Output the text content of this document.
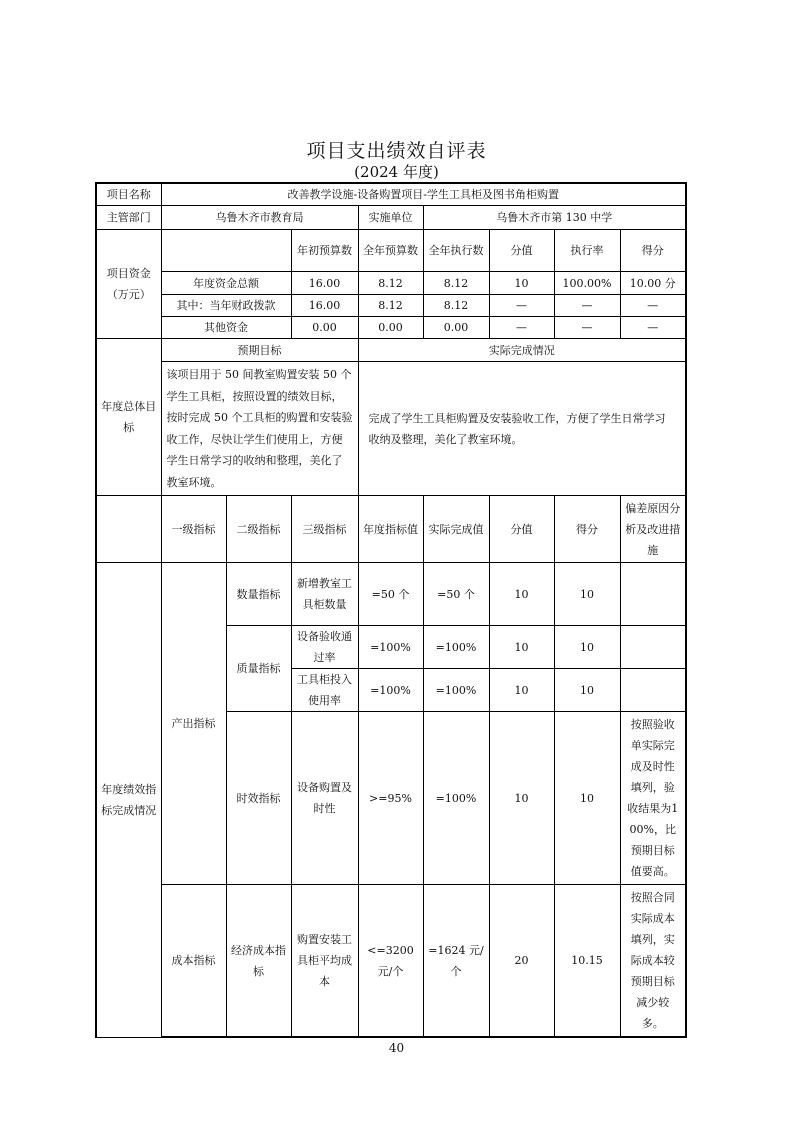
项目支出绩效自评表
(2024 年度)
项目名称	改善教学设施-设备购置项目-学生工具柜及图书角柜购置							
主管部门	乌鲁木齐市教育局			实施单位	乌鲁木齐市第 130 中学			
项目资金（万元）			年初预算数	全年预算数	全年执行数	分值	执行率	得分
	年度资金总额		16.00	8.12	8.12	10	100.00%	10.00 分
	其中：当年财政拨款		16.00	8.12	8.12	—	—	—
	其他资金		0.00	0.00	0.00	—	—	—
年度总体目标	预期目标			实际完成情况				
	该项目用于 50 间教室购置安装 50 个学生工具柜，按照设置的绩效目标，按时完成 50 个工具柜的购置和安装验收工作，尽快让学生们使用上，方便学生日常学习的收纳和整理，美化了教室环境。			完成了学生工具柜购置及安装验收工作，方便了学生日常学习收纳及整理，美化了教室环境。				
	一级指标	二级指标	三级指标	年度指标值	实际完成值	分值	得分	偏差原因分析及改进措施
年度绩效指标完成情况	产出指标	数量指标	新增教室工具柜数量	=50 个	=50 个	10	10	
		质量指标	设备验收通过率	=100%	=100%	10	10	
			工具柜投入使用率	=100%	=100%	10	10	
		时效指标	设备购置及时性	>=95%	=100%	10	10	按照验收单实际完成及时性填列，验收结果为100%，比预期目标值要高。
	成本指标	经济成本指标	购置安装工具柜平均成本	<=3200 元/个	=1624 元/个	20	10.15	按照合同实际成本填列，实际成本较预期目标减少较多。
40
